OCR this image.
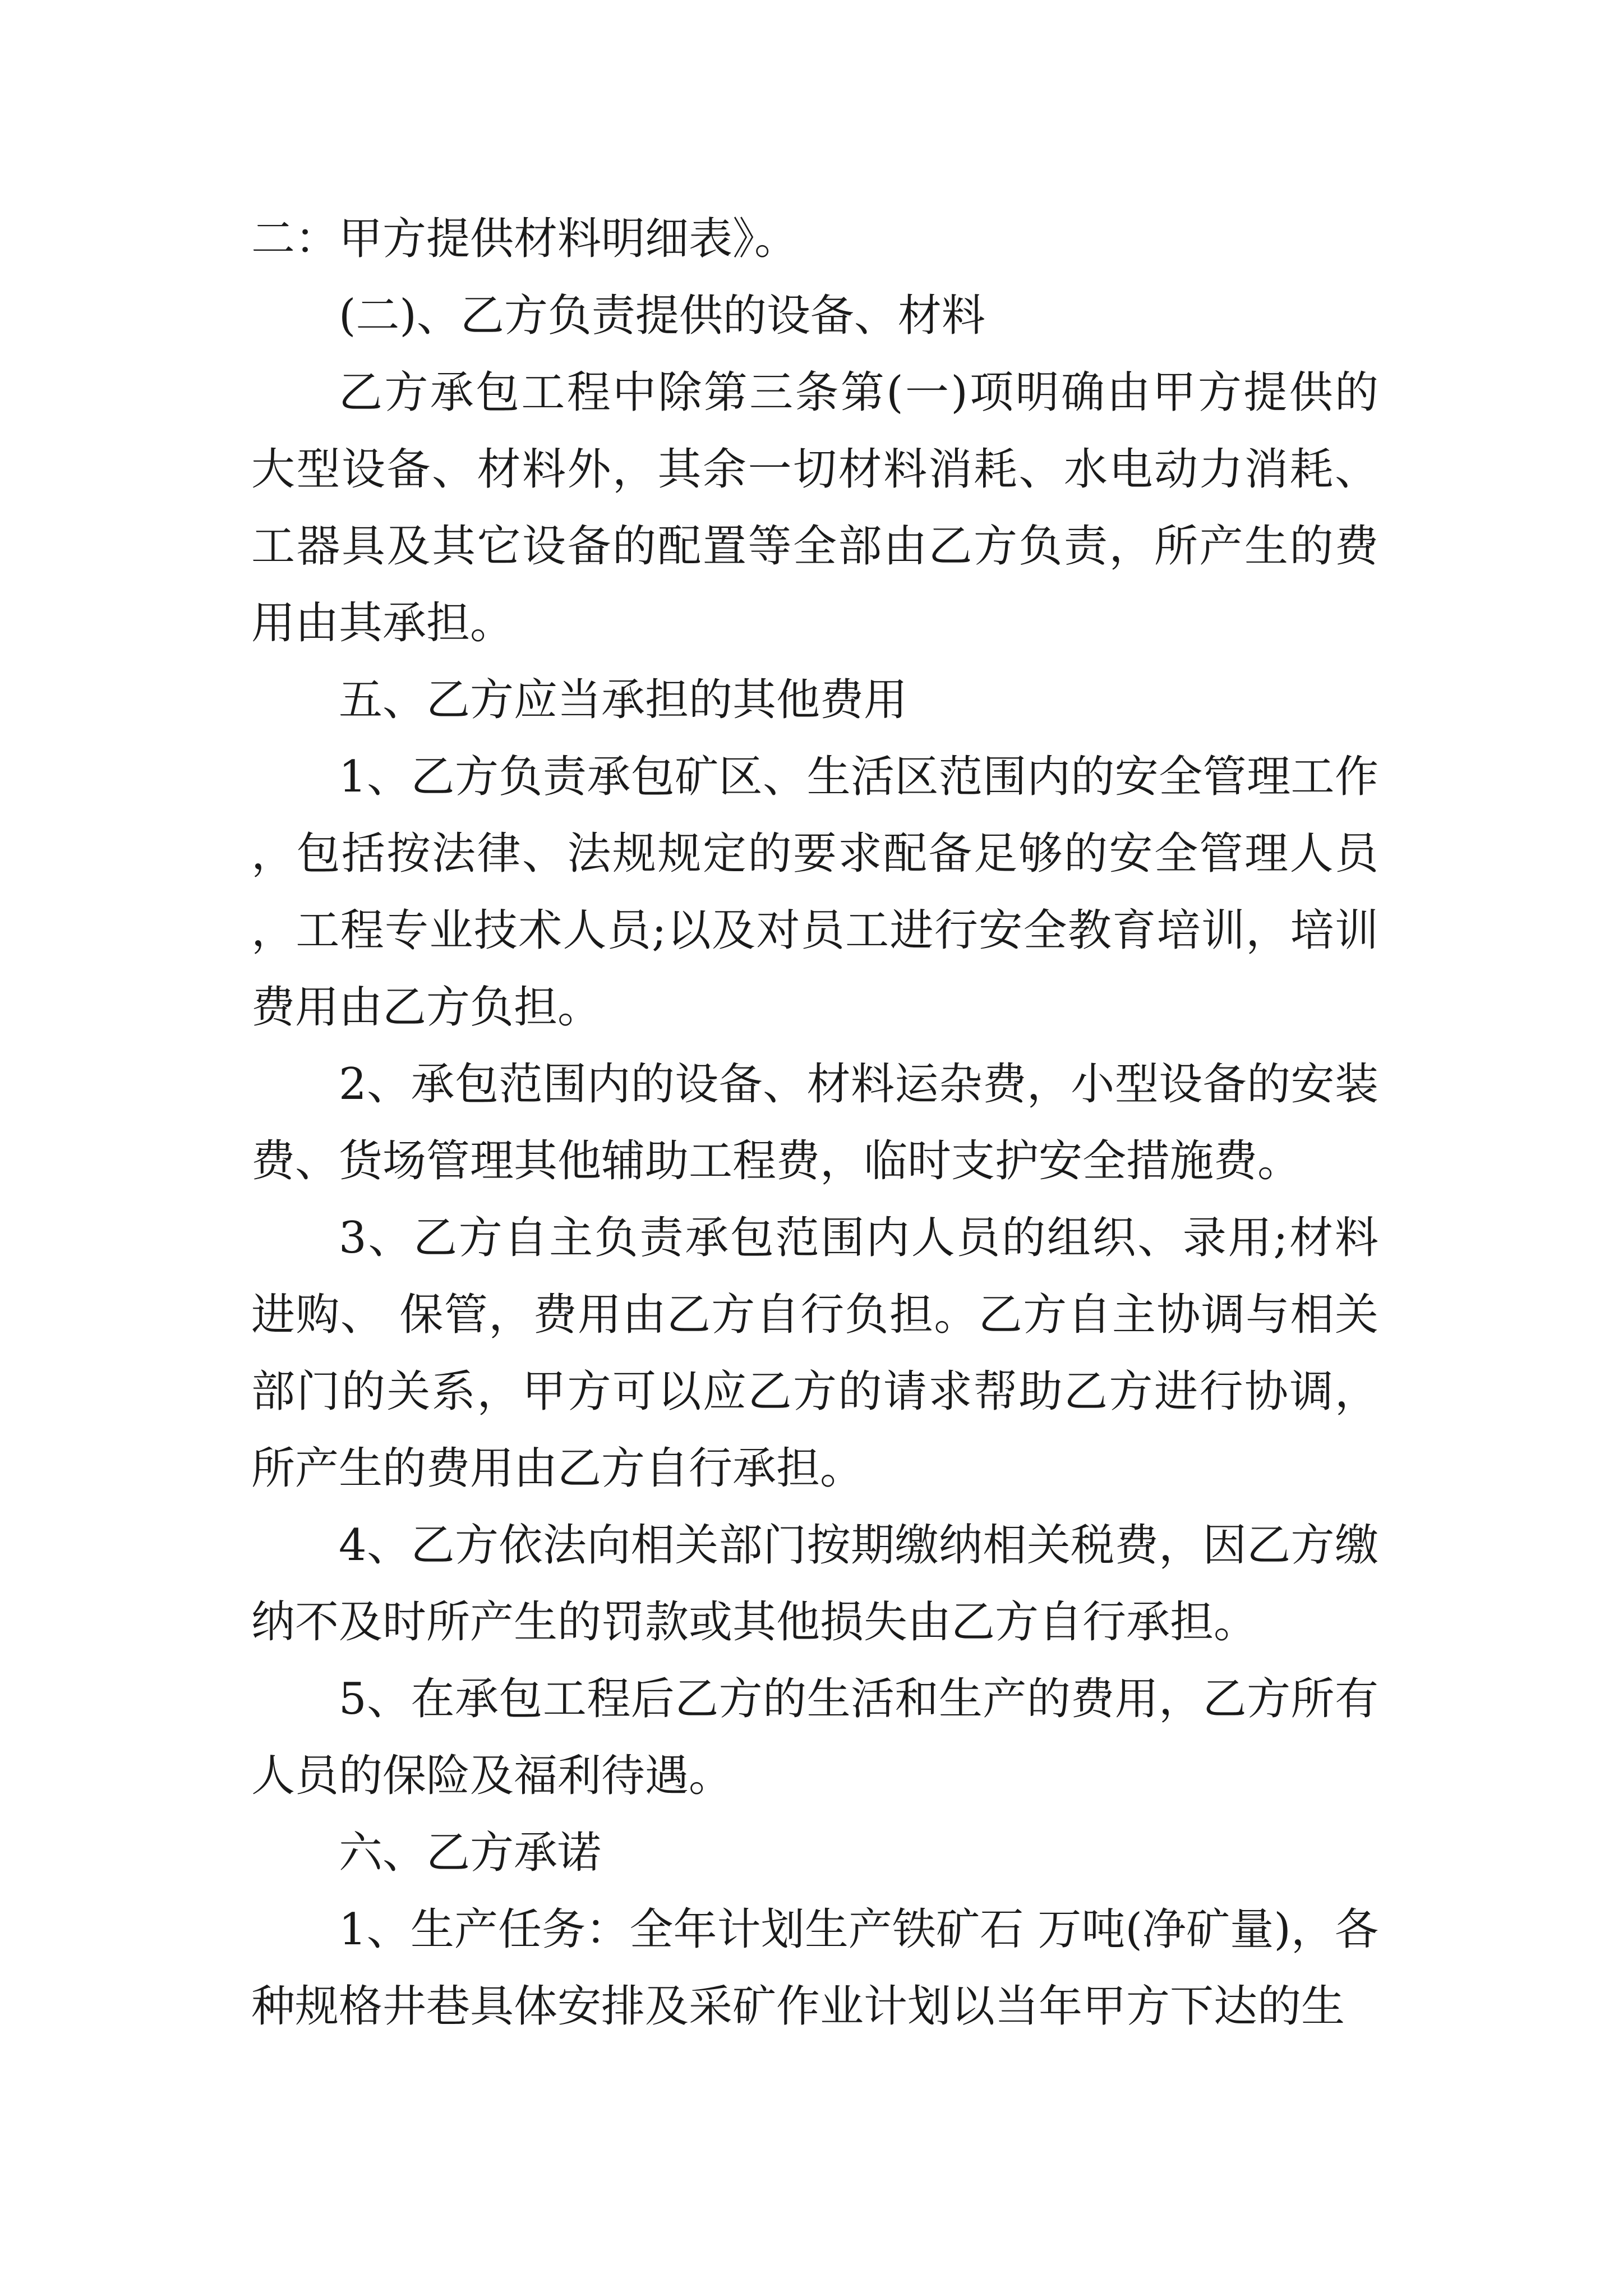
二：甲方提供材料明细表》。

(二)、乙方负责提供的设备、材料

乙方承包工程中除第三条第(一)项明确由甲方提供的大型设备、材料外，其余一切材料消耗、水电动力消耗、工器具及其它设备的配置等全部由乙方负责，所产生的费用由其承担。

五、乙方应当承担的其他费用

1、乙方负责承包矿区、生活区范围内的安全管理工作，包括按法律、法规规定的要求配备足够的安全管理人员，工程专业技术人员;以及对员工进行安全教育培训，培训费用由乙方负担。

2、承包范围内的设备、材料运杂费，小型设备的安装费、货场管理其他辅助工程费，临时支护安全措施费。

3、乙方自主负责承包范围内人员的组织、录用;材料进购、 保管，费用由乙方自行负担。乙方自主协调与相关部门的关系，甲方可以应乙方的请求帮助乙方进行协调，所产生的费用由乙方自行承担。

4、乙方依法向相关部门按期缴纳相关税费，因乙方缴纳不及时所产生的罚款或其他损失由乙方自行承担。

5、在承包工程后乙方的生活和生产的费用，乙方所有人员的保险及福利待遇。

六、乙方承诺

1、生产任务：全年计划生产铁矿石 万吨(净矿量)，各种规格井巷具体安排及采矿作业计划以当年甲方下达的生
